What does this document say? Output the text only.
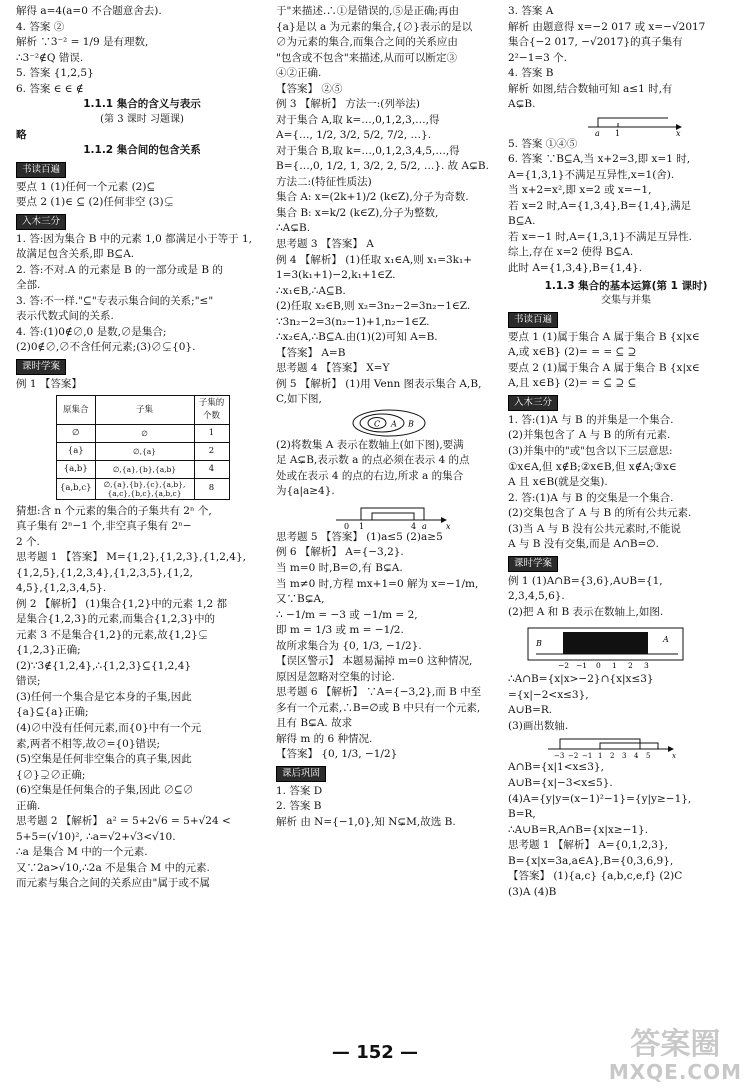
解得 a=4(a=0 不合题意舍去).
4. 答案 ②
解析 ∵3⁻² = 1/9 是有理数,
∴3⁻²∉Q 错误.
5. 答案 {1,2,5}
6. 答案 ∈ ∈ ∉
1.1.1 集合的含义与表示
(第 3 课时 习题课)
略
1.1.2 集合间的包含关系
书读百遍
要点 1 (1)任何一个元素 (2)⊆
要点 2 (1)∈ ⊆ (2)任何非空 (3)⊊
入木三分
1. 答:因为集合 B 中的元素 1,0 都满足小于等于 1,
故满足包含关系,即 B⊆A.
2. 答:不对.A 的元素是 B 的一部分或是 B 的
全部.
3. 答:不一样."⊆"专表示集合间的关系;"≤"
表示代数式间的关系.
4. 答:(1)0∉∅,0 是数,∅是集合;
(2)0∉∅,∅不含任何元素;(3)∅⊊{0}.
课时学案
例 1 【答案】
原集合	子集	子集的个数
∅	∅	1
{a}	∅,{a}	2
{a,b}	∅,{a},{b},{a,b}	4
{a,b,c}	∅,{a},{b},{c},{a,b},{a,c},{b,c},{a,b,c}	8
猜想:含 n 个元素的集合的子集共有 2ⁿ 个,
真子集有 2ⁿ−1 个,非空真子集有 2ⁿ−
2 个.
思考题 1 【答案】 M={1,2},{1,2,3},{1,2,4},
{1,2,5},{1,2,3,4},{1,2,3,5},{1,2,
4,5},{1,2,3,4,5}.
例 2 【解析】 (1)集合{1,2}中的元素 1,2 都
是集合{1,2,3}的元素,而集合{1,2,3}中的
元素 3 不是集合{1,2}的元素,故{1,2}⊊
{1,2,3}正确;
(2)∵3∉{1,2,4},∴{1,2,3}⊆{1,2,4}
错误;
(3)任何一个集合是它本身的子集,因此
{a}⊆{a}正确;
(4)∅中没有任何元素,而{0}中有一个元
素,两者不相等,故∅={0}错误;
(5)空集是任何非空集合的真子集,因此
{∅}⊋∅正确;
(6)空集是任何集合的子集,因此 ∅⊆∅
正确.
思考题 2 【解析】 a² = 5+2√6 = 5+√24 <
5+5=(√10)², ∴a=√2+√3<√10.
∴a 是集合 M 中的一个元素.
又∵2a>√10,∴2a 不是集合 M 中的元素.
而元素与集合之间的关系应由"属于或不属
于"来描述.∴①是错误的,⑤是正确;再由
{a}是以 a 为元素的集合,{∅}表示的是以
∅为元素的集合,而集合之间的关系应由
"包含或不包含"来描述,从而可以断定③
④②正确.
【答案】 ②⑤
例 3 【解析】 方法一:(列举法)
对于集合 A,取 k=…,0,1,2,3,…,得
A={…, 1/2, 3/2, 5/2, 7/2, …}.
对于集合 B,取 k=…,0,1,2,3,4,5,…,得
B={…,0, 1/2, 1, 3/2, 2, 5/2, …}. 故 A⊊B.
方法二:(特征性质法)
集合 A: x=(2k+1)/2 (k∈Z),分子为奇数.
集合 B: x=k/2 (k∈Z),分子为整数,
∴A⊊B.
思考题 3 【答案】 A
例 4 【解析】 (1)任取 x₁∈A,则 x₁=3k₁+
1=3(k₁+1)−2,k₁+1∈Z.
∴x₁∈B,∴A⊆B.
(2)任取 x₂∈B,则 x₂=3n₂−2=3n₂−1∈Z.
∵3n₂−2=3(n₂−1)+1,n₂−1∈Z.
∴x₂∈A,∴B⊆A.由(1)(2)可知 A=B.
【答案】 A=B
思考题 4 【答案】 X=Y
例 5 【解析】 (1)用 Venn 图表示集合 A,B,
C,如下图,
C A B
(2)将数集 A 表示在数轴上(如下图),要满
足 A⊊B,表示数 a 的点必须在表示 4 的点
处或在表示 4 的点的右边,所求 a 的集合
为{a|a≥4}.
0 1	4 a x
思考题 5 【答案】 (1)a≤5 (2)a≥5
例 6 【解析】 A={−3,2}.
当 m=0 时,B=∅,有 B⊊A.
当 m≠0 时,方程 mx+1=0 解为 x=−1/m,
又∵B⊊A,
∴ −1/m = −3 或 −1/m = 2,
即 m = 1/3 或 m = −1/2.
故所求集合为 {0, 1/3, −1/2}.
【误区警示】 本题易漏掉 m=0 这种情况,
原因是忽略对空集的讨论.
思考题 6 【解析】 ∵A={−3,2},而 B 中至
多有一个元素,∴B=∅或 B 中只有一个元素,
且有 B⊊A. 故求
解得 m 的 6 种情况.
【答案】 {0, 1/3, −1/2}
课后巩固
1. 答案 D
2. 答案 B
解析 由 N={−1,0},知 N⊊M,故选 B.
3. 答案 A
解析 由题意得 x=−2 017 或 x=−√2017
集合{−2 017, −√2017}的真子集有
2²−1=3 个.
4. 答案 B
解析 如图,结合数轴可知 a≤1 时,有
A⊊B.
a 1	x
5. 答案 ①④⑤
6. 答案 ∵B⊆A,当 x+2=3,即 x=1 时,
A={1,3,1}不满足互异性,x=1(舍).
当 x+2=x²,即 x=2 或 x=−1,
若 x=2 时,A={1,3,4},B={1,4},满足
B⊆A.
若 x=−1 时,A={1,3,1}不满足互异性.
综上,存在 x=2 使得 B⊆A.
此时 A={1,3,4},B={1,4}.
1.1.3 集合的基本运算(第 1 课时)
交集与并集
书读百遍
要点 1 (1)属于集合 A 属于集合 B {x|x∈
A,或 x∈B} (2)= = = ⊆ ⊇
要点 2 (1)属于集合 A 属于集合 B {x|x∈
A,且 x∈B} (2)= = ⊆ ⊇ ⊆
入木三分
1. 答:(1)A 与 B 的并集是一个集合.
(2)并集包含了 A 与 B 的所有元素.
(3)并集中的"或"包含以下三层意思:
①x∈A,但 x∉B;②x∈B,但 x∉A;③x∈
A 且 x∈B(就是交集).
2. 答:(1)A 与 B 的交集是一个集合.
(2)交集包含了 A 与 B 的所有公共元素.
(3)当 A 与 B 没有公共元素时,不能说
A 与 B 没有交集,而是 A∩B=∅.
课时学案
例 1 (1)A∩B={3,6},A∪B={1,
2,3,4,5,6}.
(2)把 A 和 B 表示在数轴上,如图.
B	A
−2 −1 0 1 2 3
∴A∩B={x|x>−2}∩{x|x≤3}
={x|−2<x≤3},
A∪B=R.
(3)画出数轴.
−3 −2 −1 1 2 3 4 5	x
A∩B={x|1<x≤3},
A∪B={x|−3<x≤5}.
(4)A={y|y=(x−1)²−1}={y|y≥−1},
B=R,
∴A∪B=R,A∩B={x|x≥−1}.
思考题 1 【解析】 A={0,1,2,3},
B={x|x=3a,a∈A},B={0,3,6,9},
【答案】 (1){a,c} {a,b,c,e,f} (2)C
(3)A (4)B
— 152 —	答案圈
MXQE.COM
